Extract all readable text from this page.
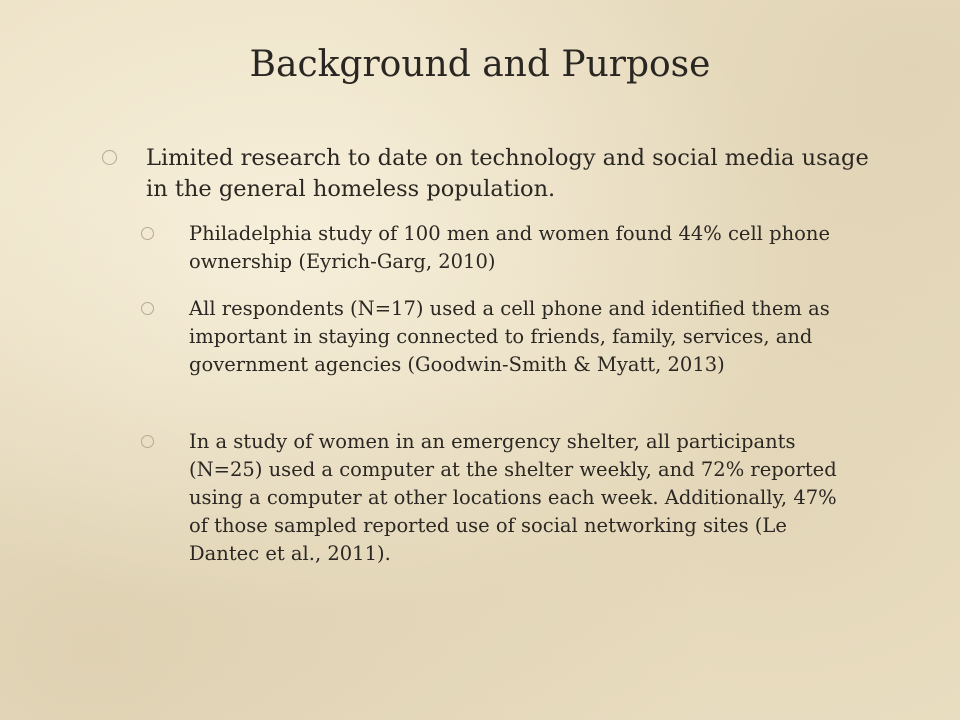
Background and Purpose
Limited research to date on technology and social media usage in the general homeless population.
Philadelphia study of 100 men and women found 44% cell phone ownership (Eyrich-Garg, 2010)
All respondents (N=17) used a cell phone and identified them as important in staying connected to friends, family, services, and government agencies (Goodwin-Smith & Myatt, 2013)
In a study of women in an emergency shelter, all participants (N=25) used a computer at the shelter weekly, and 72% reported using a computer at other locations each week. Additionally, 47% of those sampled reported use of social networking sites (Le Dantec et al., 2011).
